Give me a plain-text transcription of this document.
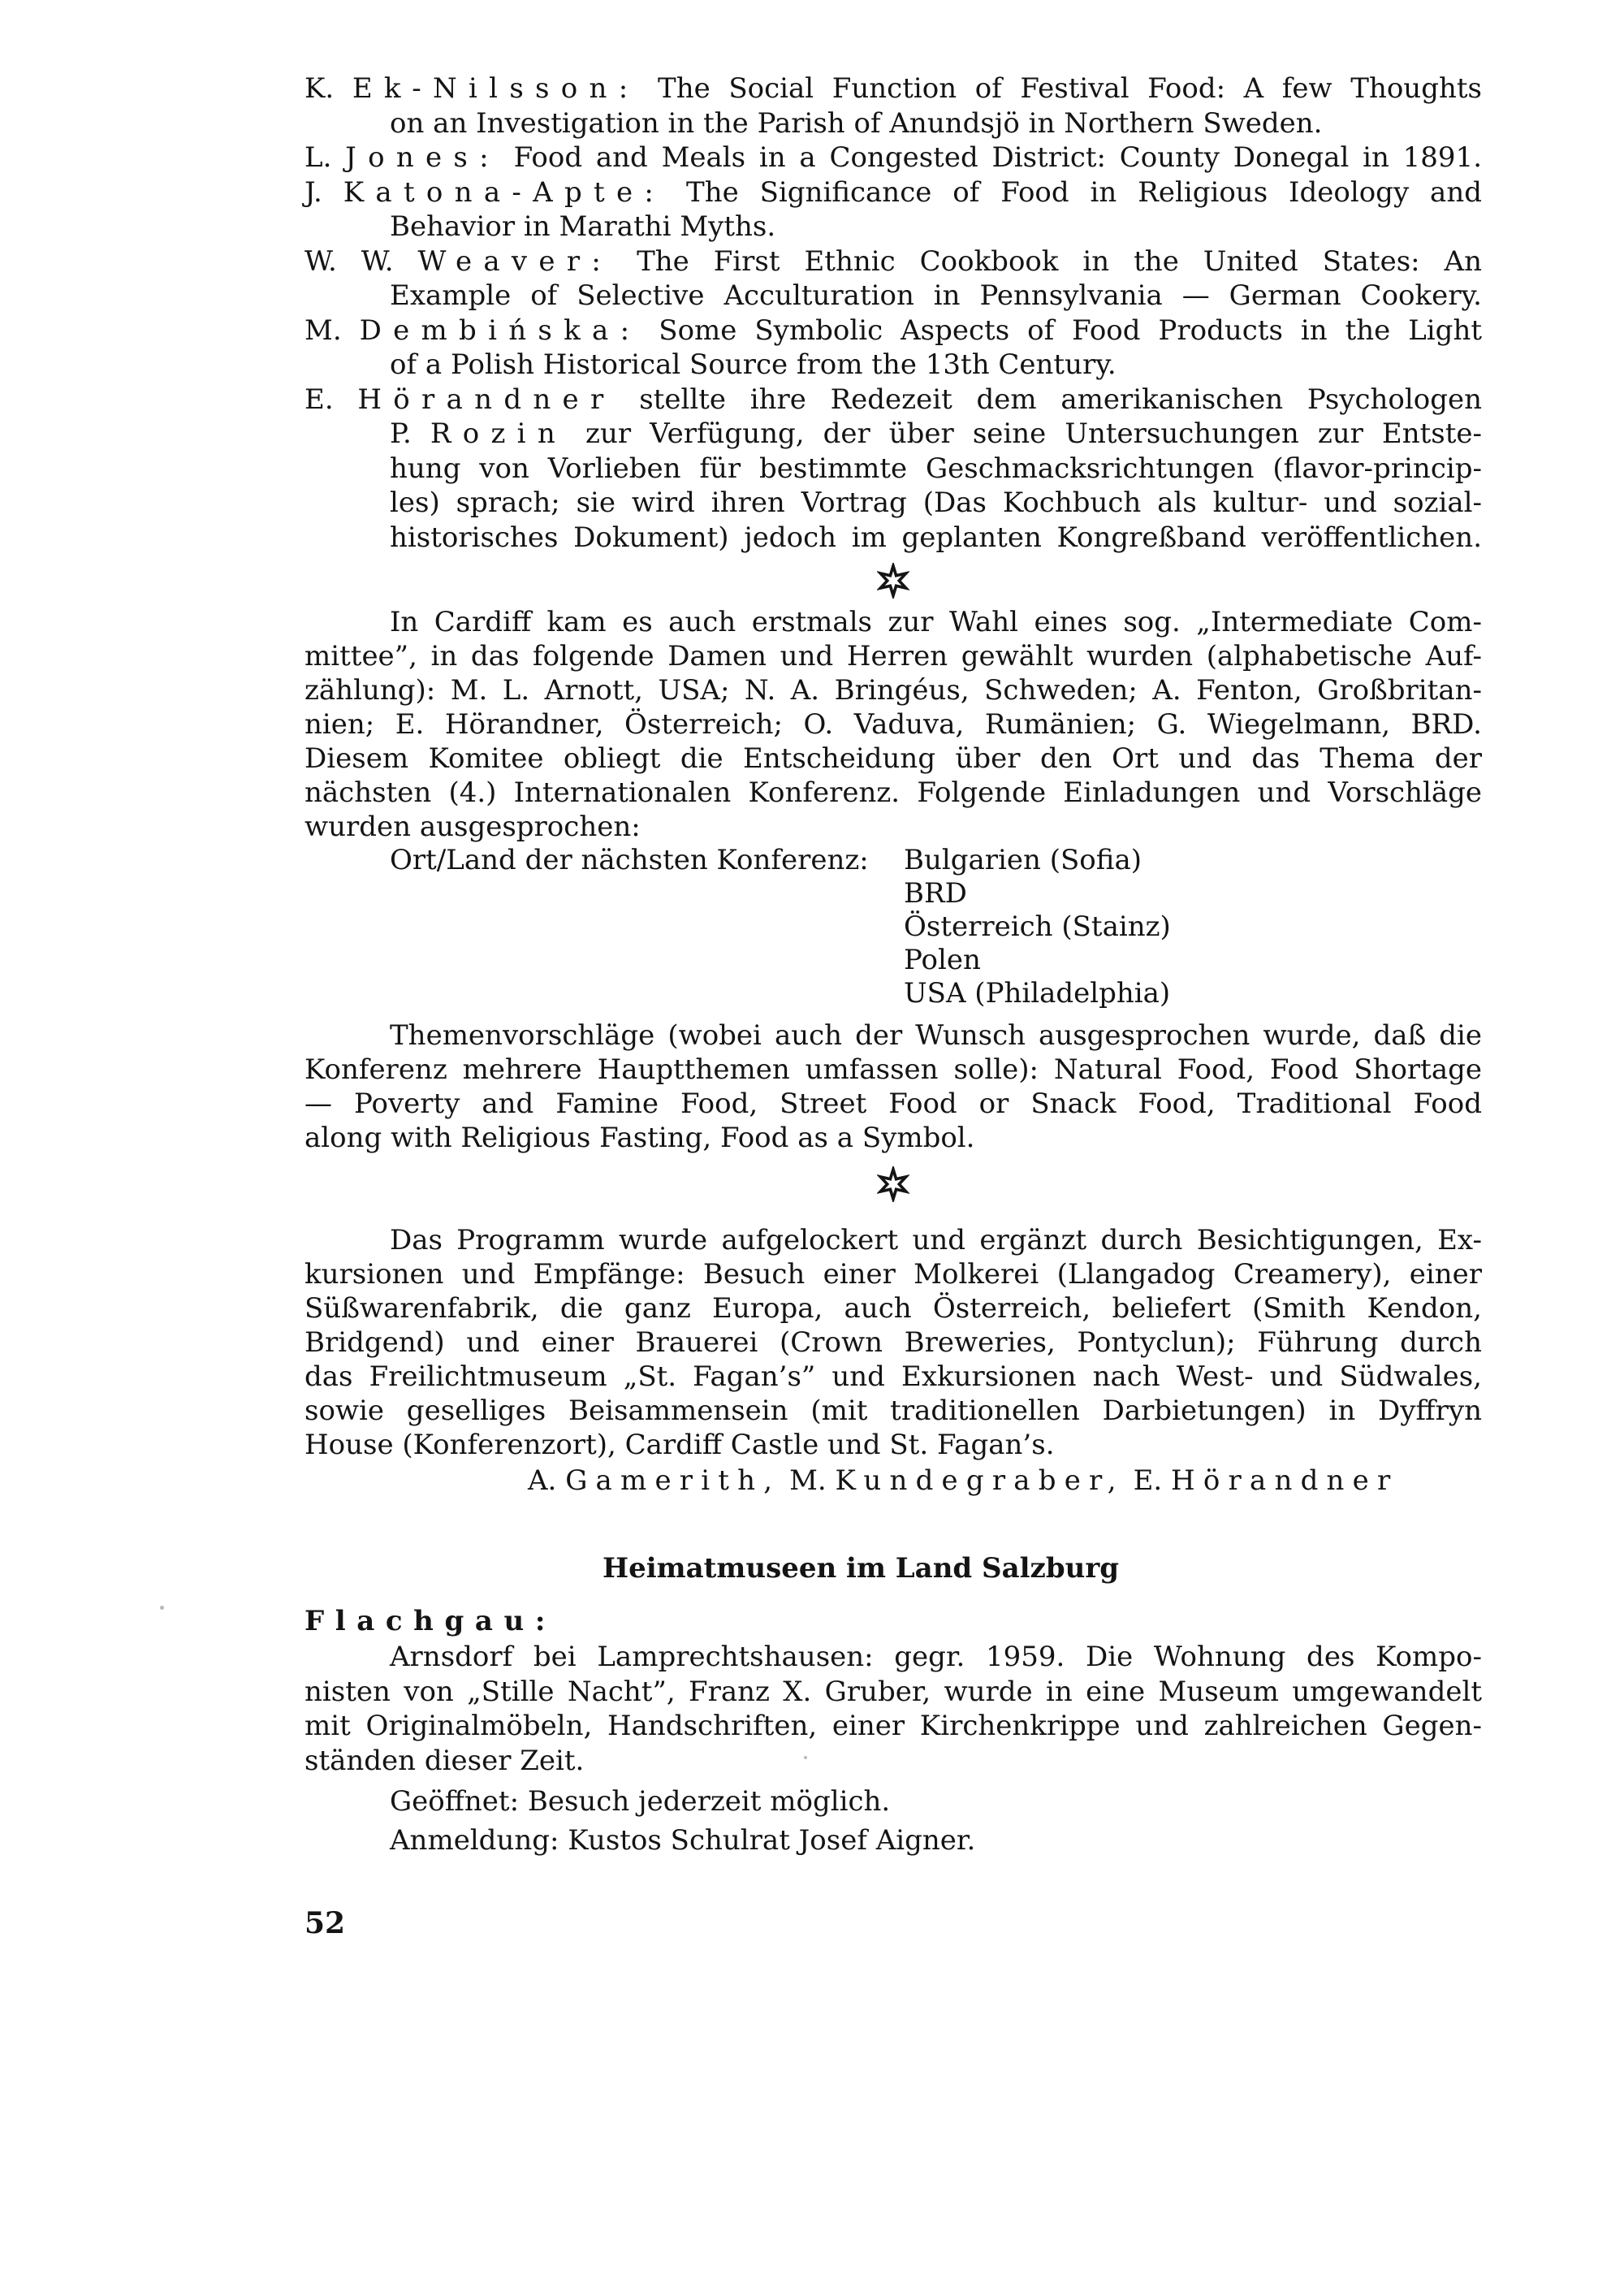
K. Ek-Nilsson: The Social Function of Festival Food: A few Thoughts
on an Investigation in the Parish of Anundsjö in Northern Sweden.
L. Jones: Food and Meals in a Congested District: County Donegal in 1891.
J. Katona-Apte: The Significance of Food in Religious Ideology and
Behavior in Marathi Myths.
W. W. Weaver: The First Ethnic Cookbook in the United States: An
Example of Selective Acculturation in Pennsylvania — German Cookery.
M. Dembińska: Some Symbolic Aspects of Food Products in the Light
of a Polish Historical Source from the 13th Century.
E. Hörandner stellte ihre Redezeit dem amerikanischen Psychologen
P. Rozin zur Verfügung, der über seine Untersuchungen zur Entste-
hung von Vorlieben für bestimmte Geschmacksrichtungen (flavor-princip-
les) sprach; sie wird ihren Vortrag (Das Kochbuch als kultur- und sozial-
historisches Dokument) jedoch im geplanten Kongreßband veröffentlichen.
In Cardiff kam es auch erstmals zur Wahl eines sog. „Intermediate Com-
mittee”, in das folgende Damen und Herren gewählt wurden (alphabetische Auf-
zählung): M. L. Arnott, USA; N. A. Bringéus, Schweden; A. Fenton, Großbritan-
nien; E. Hörandner, Österreich; O. Vaduva, Rumänien; G. Wiegelmann, BRD.
Diesem Komitee obliegt die Entscheidung über den Ort und das Thema der
nächsten (4.) Internationalen Konferenz. Folgende Einladungen und Vorschläge
wurden ausgesprochen:
Ort/Land der nächsten Konferenz: Bulgarien (Sofia)
BRD
Österreich (Stainz)
Polen
USA (Philadelphia)
Themenvorschläge (wobei auch der Wunsch ausgesprochen wurde, daß die
Konferenz mehrere Hauptthemen umfassen solle): Natural Food, Food Shortage
— Poverty and Famine Food, Street Food or Snack Food, Traditional Food
along with Religious Fasting, Food as a Symbol.
Das Programm wurde aufgelockert und ergänzt durch Besichtigungen, Ex-
kursionen und Empfänge: Besuch einer Molkerei (Llangadog Creamery), einer
Süßwarenfabrik, die ganz Europa, auch Österreich, beliefert (Smith Kendon,
Bridgend) und einer Brauerei (Crown Breweries, Pontyclun); Führung durch
das Freilichtmuseum „St. Fagan’s” und Exkursionen nach West- und Südwales,
sowie geselliges Beisammensein (mit traditionellen Darbietungen) in Dyffryn
House (Konferenzort), Cardiff Castle und St. Fagan’s.
A. Gamerith, M. Kundegraber, E. Hörandner
Heimatmuseen im Land Salzburg
Flachgau:
Arnsdorf bei Lamprechtshausen: gegr. 1959. Die Wohnung des Kompo-
nisten von „Stille Nacht”, Franz X. Gruber, wurde in eine Museum umgewandelt
mit Originalmöbeln, Handschriften, einer Kirchenkrippe und zahlreichen Gegen-
ständen dieser Zeit.
Geöffnet: Besuch jederzeit möglich.
Anmeldung: Kustos Schulrat Josef Aigner.
52
